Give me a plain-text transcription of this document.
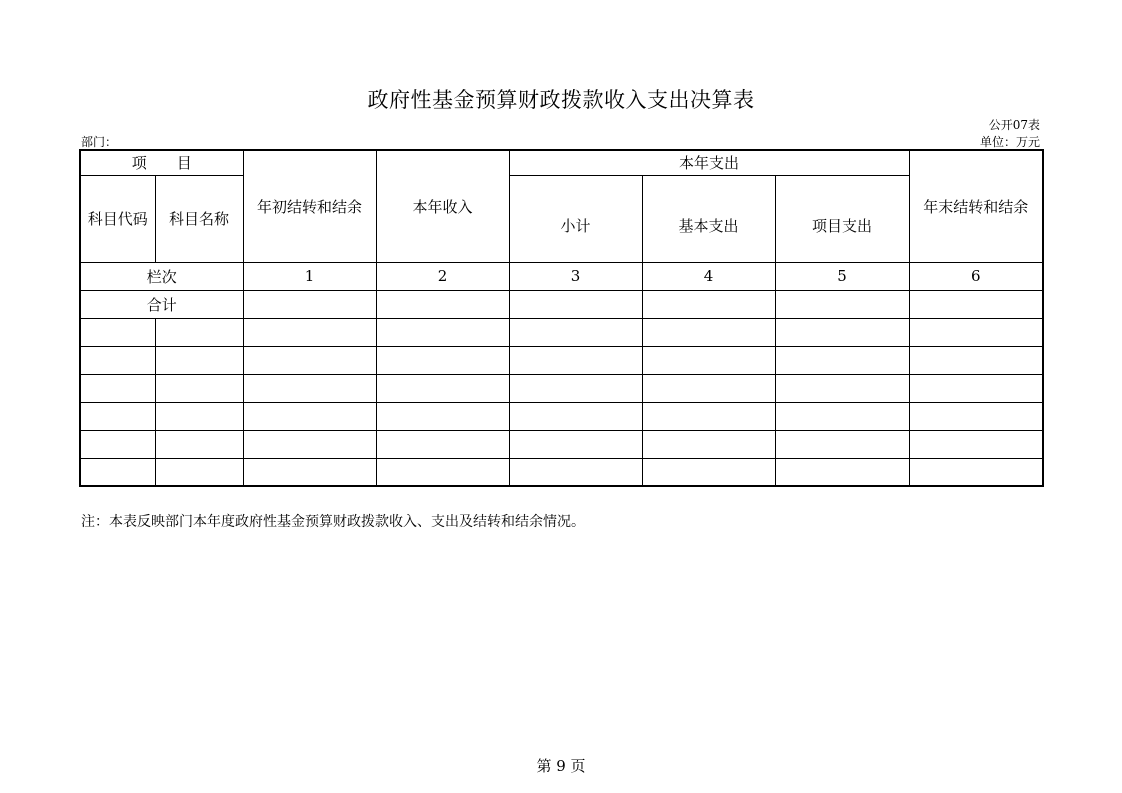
政府性基金预算财政拨款收入支出决算表
公开07表
部门：	单位：万元
项　　目		年初结转和结余	本年收入	本年支出			年末结转和结余
科目代码	科目名称			小计	基本支出	项目支出	
栏次		1	2	3	4	5	6
合计							

注：本表反映部门本年度政府性基金预算财政拨款收入、支出及结转和结余情况。
第 9 页
